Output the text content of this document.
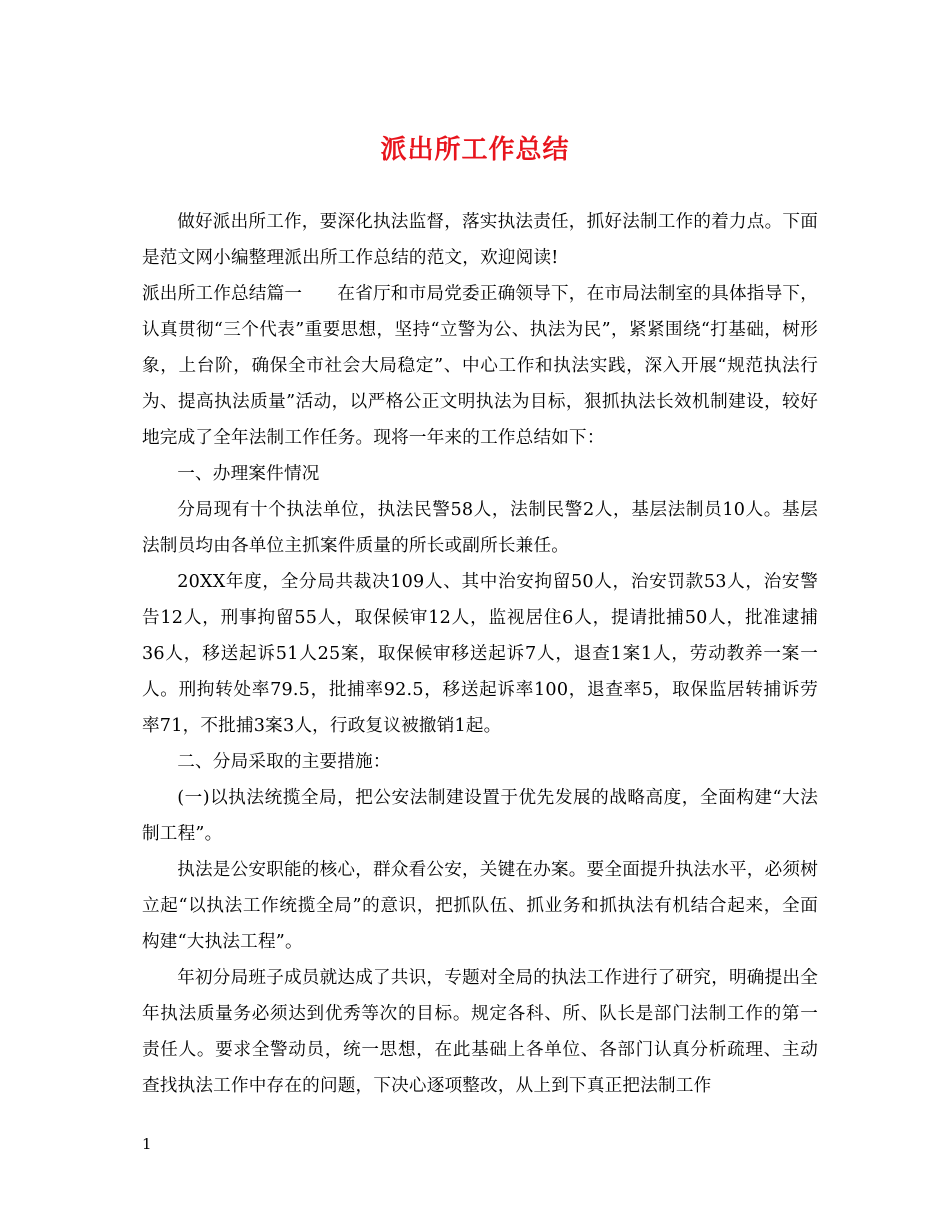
派出所工作总结

做好派出所工作，要深化执法监督，落实执法责任，抓好法制工作的着力点。下面是范文网小编整理派出所工作总结的范文，欢迎阅读!

派出所工作总结篇一 在省厅和市局党委正确领导下，在市局法制室的具体指导下，认真贯彻“三个代表”重要思想，坚持“立警为公、执法为民”，紧紧围绕“打基础，树形象，上台阶，确保全市社会大局稳定”、中心工作和执法实践，深入开展“规范执法行为、提高执法质量”活动，以严格公正文明执法为目标，狠抓执法长效机制建设，较好地完成了全年法制工作任务。现将一年来的工作总结如下：

一、办理案件情况

分局现有十个执法单位，执法民警58人，法制民警2人，基层法制员10人。基层法制员均由各单位主抓案件质量的所长或副所长兼任。

20XX年度，全分局共裁决109人、其中治安拘留50人，治安罚款53人，治安警告12人，刑事拘留55人，取保候审12人，监视居住6人，提请批捕50人，批准逮捕36人，移送起诉51人25案，取保候审移送起诉7人，退查1案1人，劳动教养一案一人。刑拘转处率79.5，批捕率92.5，移送起诉率100，退查率5，取保监居转捕诉劳率71，不批捕3案3人，行政复议被撤销1起。

二、分局采取的主要措施：

(一)以执法统揽全局，把公安法制建设置于优先发展的战略高度，全面构建“大法制工程”。

执法是公安职能的核心，群众看公安，关键在办案。要全面提升执法水平，必须树立起“以执法工作统揽全局”的意识，把抓队伍、抓业务和抓执法有机结合起来，全面构建“大执法工程”。

年初分局班子成员就达成了共识，专题对全局的执法工作进行了研究，明确提出全年执法质量务必须达到优秀等次的目标。规定各科、所、队长是部门法制工作的第一责任人。要求全警动员，统一思想，在此基础上各单位、各部门认真分析疏理、主动查找执法工作中存在的问题，下决心逐项整改，从上到下真正把法制工作

1
